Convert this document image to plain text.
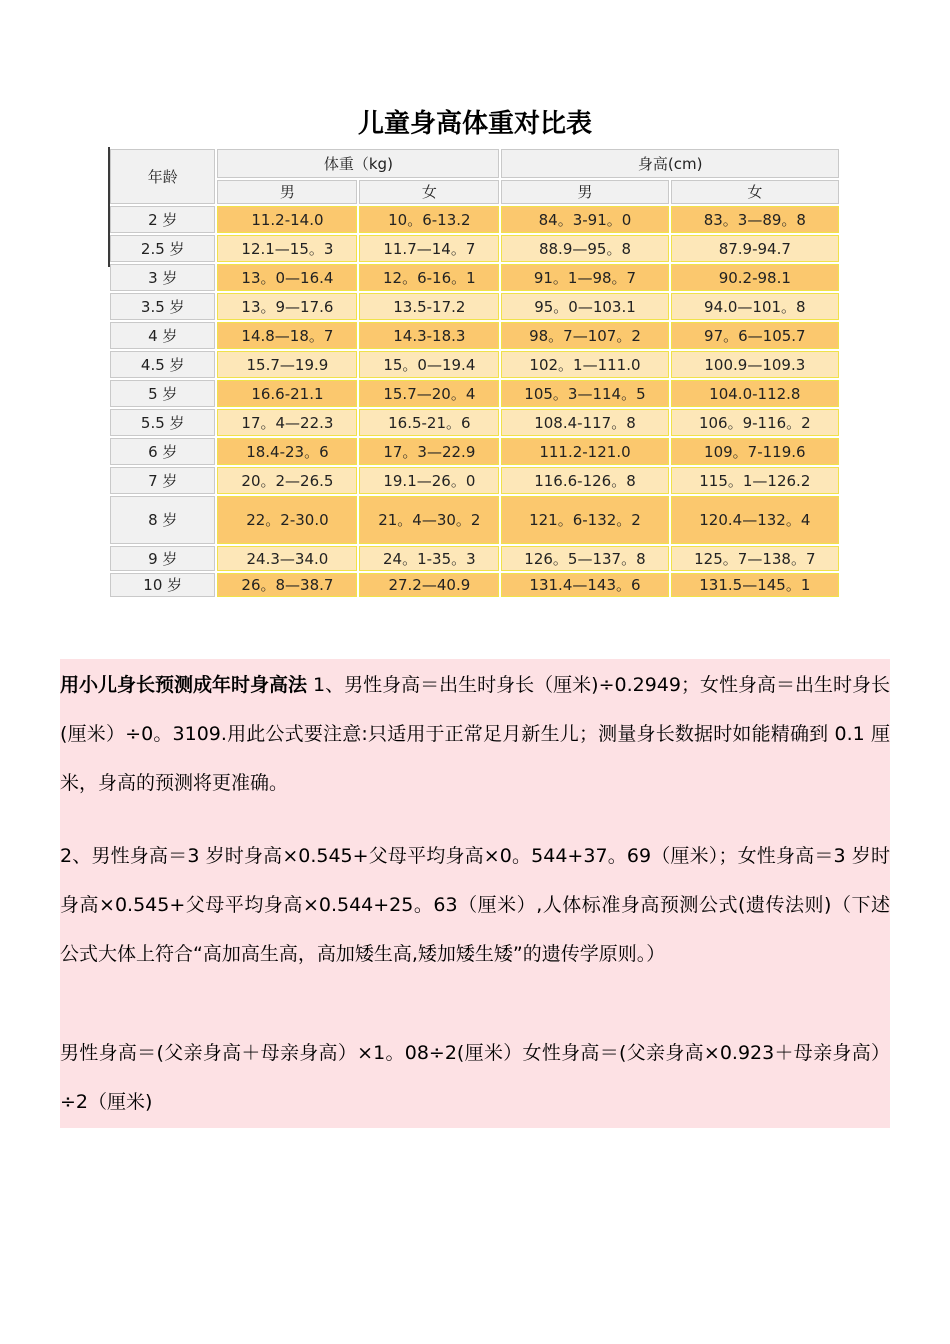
儿童身高体重对比表
年龄	体重（kg)		身高(cm)	
	男	女	男	女
2 岁	11.2-14.0	10。6-13.2	84。3-91。0	83。3—89。8
2.5 岁	12.1—15。3	11.7—14。7	88.9—95。8	87.9-94.7
3 岁	13。0—16.4	12。6-16。1	91。1—98。7	90.2-98.1
3.5 岁	13。9—17.6	13.5-17.2	95。0—103.1	94.0—101。8
4 岁	14.8—18。7	14.3-18.3	98。7—107。2	97。6—105.7
4.5 岁	15.7—19.9	15。0—19.4	102。1—111.0	100.9—109.3
5 岁	16.6-21.1	15.7—20。4	105。3—114。5	104.0-112.8
5.5 岁	17。4—22.3	16.5-21。6	108.4-117。8	106。9-116。2
6 岁	18.4-23。6	17。3—22.9	111.2-121.0	109。7-119.6
7 岁	20。2—26.5	19.1—26。0	116.6-126。8	115。1—126.2
8 岁	22。2-30.0	21。4—30。2	121。6-132。2	120.4—132。4
9 岁	24.3—34.0	24。1-35。3	126。5—137。8	125。7—138。7
10 岁	26。8—38.7	27.2—40.9	131.4—143。6	131.5—145。1

用小儿身长预测成年时身高法 1、男性身高＝出生时身长（厘米)÷0.2949；女性身高＝出生时身长(厘米）÷0。3109.用此公式要注意:只适用于正常足月新生儿；测量身长数据时如能精确到 0.1 厘米，身高的预测将更准确。

2、男性身高＝3 岁时身高×0.545+父母平均身高×0。544+37。69（厘米）；女性身高＝3 岁时身高×0.545+父母平均身高×0.544+25。63（厘米）,人体标准身高预测公式(遗传法则)（下述公式大体上符合“高加高生高，高加矮生高,矮加矮生矮”的遗传学原则。）

男性身高＝(父亲身高＋母亲身高）×1。08÷2(厘米）女性身高＝(父亲身高×0.923＋母亲身高）÷2（厘米)
